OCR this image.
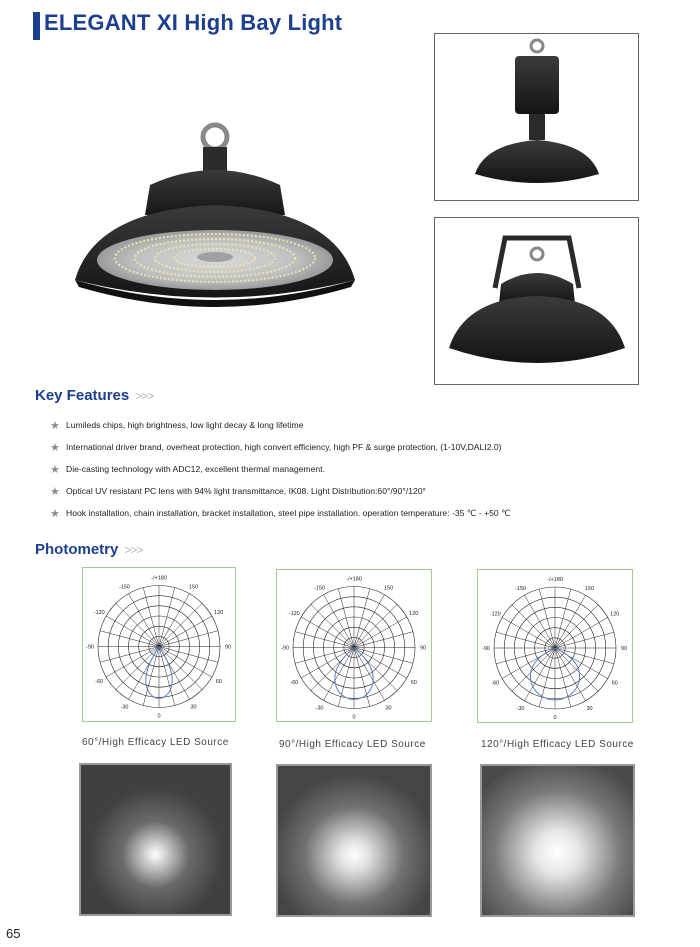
ELEGANT XI High Bay Light
Key Features >>>
★ Lumileds chips, high brightness, low light decay & long lifetime
★ International driver brand, overheat protection, high convert efficiency, high PF & surge protection, (1-10V,DALI2.0)
★ Die-casting technology with ADC12, excellent thermal management.
★ Optical UV resistant PC lens with 94% light transmittance, IK08. Light Distribution:60°/90°/120°
★ Hook installation, chain installation, bracket installation, steel pipe installation. operation temperature: -35 ℃ - +50 ℃
Photometry >>>
-/+180
-150	150
-120	120
-90	90
-60	60
-30	30
0
-/+180
-150	150
-120	120
-90	90
-60	60
-30	30
0
-/+180
-150	150
-120	120
-90	90
-60	60
-30	30
0
60°/High Efficacy LED Source	90°/High Efficacy LED Source	120°/High Efficacy LED Source
65
